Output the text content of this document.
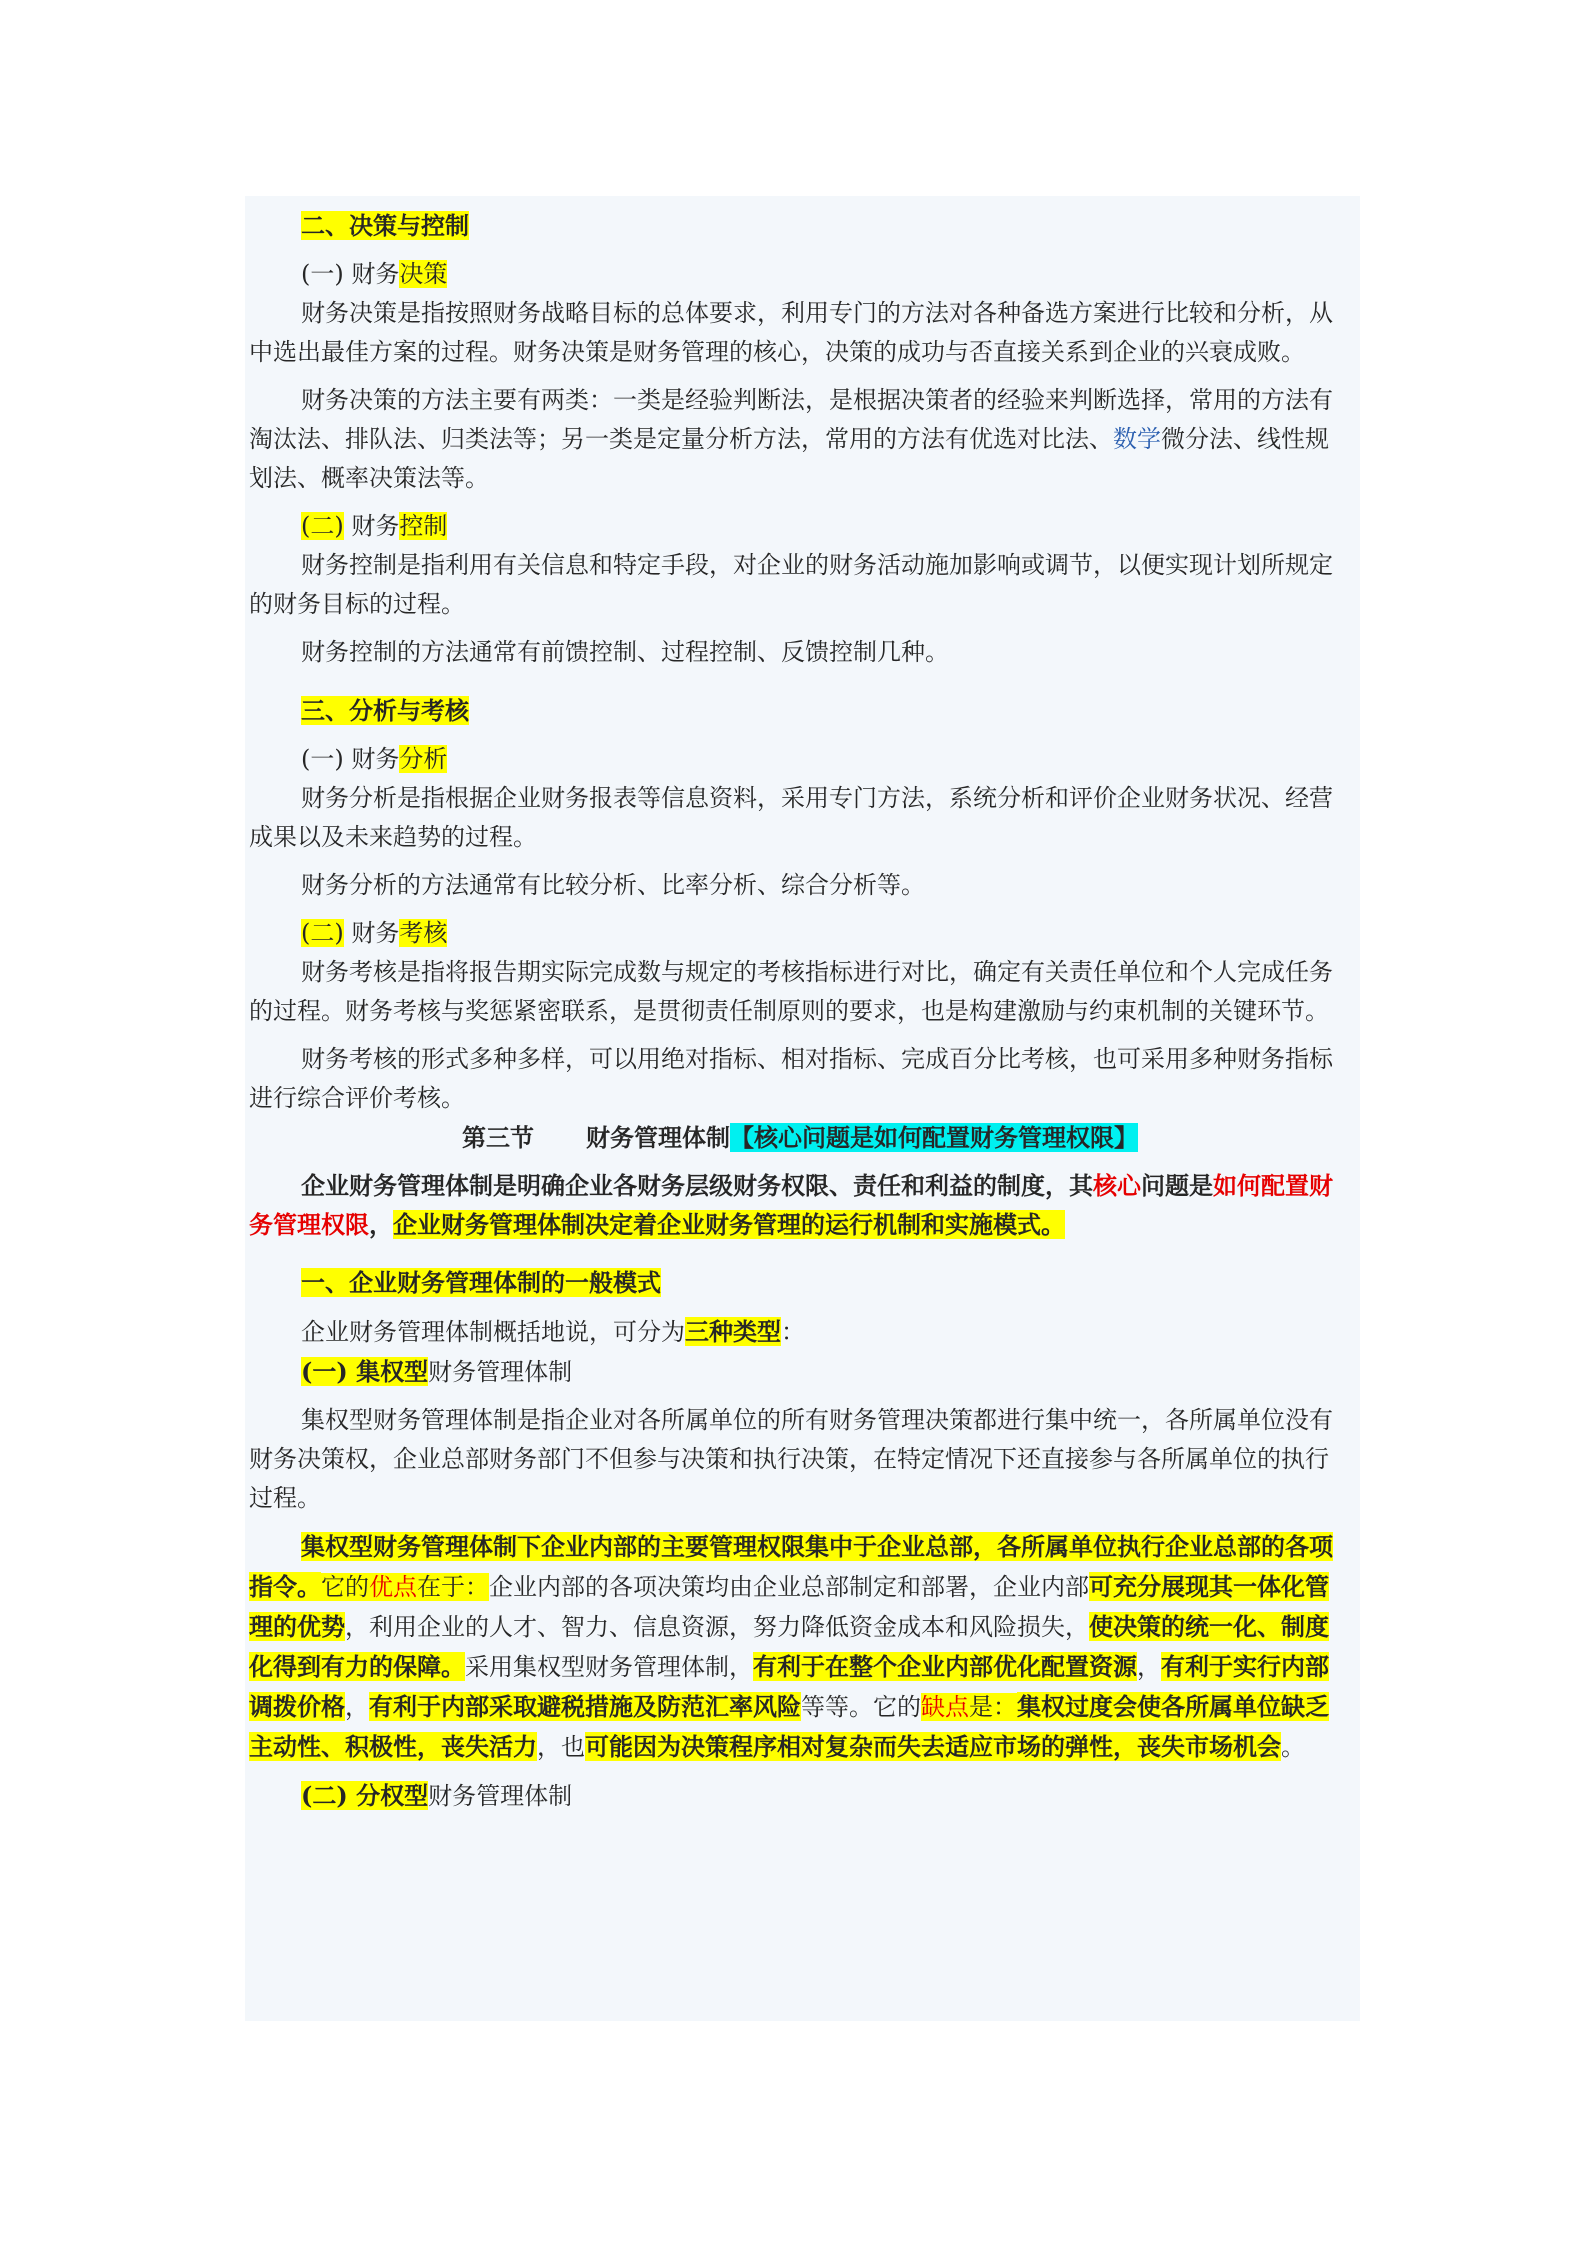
二、决策与控制

(一) 财务决策

财务决策是指按照财务战略目标的总体要求，利用专门的方法对各种备选方案进行比较和分析，从中选出最佳方案的过程。财务决策是财务管理的核心，决策的成功与否直接关系到企业的兴衰成败。

财务决策的方法主要有两类：一类是经验判断法，是根据决策者的经验来判断选择，常用的方法有淘汰法、排队法、归类法等；另一类是定量分析方法，常用的方法有优选对比法、数学微分法、线性规划法、概率决策法等。

(二) 财务控制

财务控制是指利用有关信息和特定手段，对企业的财务活动施加影响或调节，以便实现计划所规定的财务目标的过程。

财务控制的方法通常有前馈控制、过程控制、反馈控制几种。

三、分析与考核

(一) 财务分析

财务分析是指根据企业财务报表等信息资料，采用专门方法，系统分析和评价企业财务状况、经营成果以及未来趋势的过程。

财务分析的方法通常有比较分析、比率分析、综合分析等。

(二) 财务考核

财务考核是指将报告期实际完成数与规定的考核指标进行对比，确定有关责任单位和个人完成任务的过程。财务考核与奖惩紧密联系，是贯彻责任制原则的要求，也是构建激励与约束机制的关键环节。

财务考核的形式多种多样，可以用绝对指标、相对指标、完成百分比考核，也可采用多种财务指标进行综合评价考核。

第三节 财务管理体制【核心问题是如何配置财务管理权限】

企业财务管理体制是明确企业各财务层级财务权限、责任和利益的制度，其核心问题是如何配置财务管理权限，企业财务管理体制决定着企业财务管理的运行机制和实施模式。

一、企业财务管理体制的一般模式

企业财务管理体制概括地说，可分为三种类型：

(一) 集权型财务管理体制

集权型财务管理体制是指企业对各所属单位的所有财务管理决策都进行集中统一，各所属单位没有财务决策权，企业总部财务部门不但参与决策和执行决策，在特定情况下还直接参与各所属单位的执行过程。

集权型财务管理体制下企业内部的主要管理权限集中于企业总部，各所属单位执行企业总部的各项指令。它的优点在于：企业内部的各项决策均由企业总部制定和部署，企业内部可充分展现其一体化管理的优势，利用企业的人才、智力、信息资源，努力降低资金成本和风险损失，使决策的统一化、制度化得到有力的保障。采用集权型财务管理体制，有利于在整个企业内部优化配置资源，有利于实行内部调拨价格，有利于内部采取避税措施及防范汇率风险等等。它的缺点是：集权过度会使各所属单位缺乏主动性、积极性，丧失活力，也可能因为决策程序相对复杂而失去适应市场的弹性，丧失市场机会。

(二) 分权型财务管理体制
